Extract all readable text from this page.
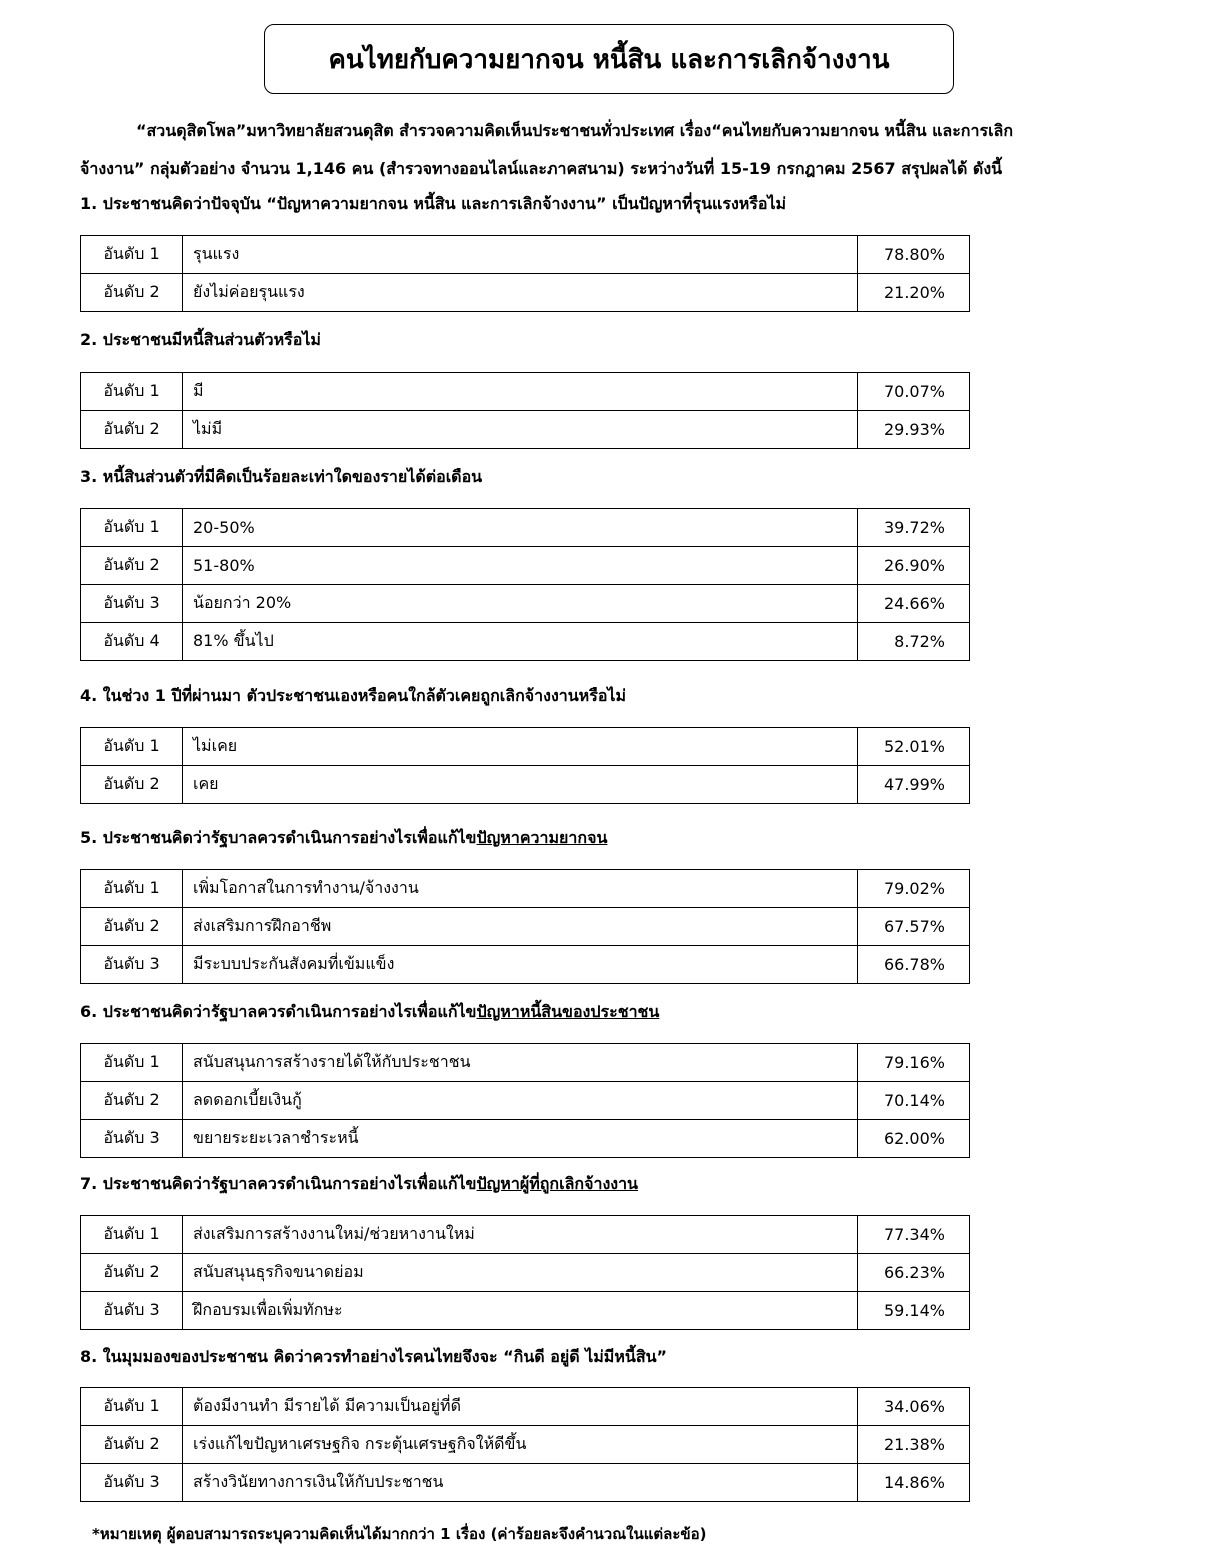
คนไทยกับความยากจน หนี้สิน และการเลิกจ้างงาน
“สวนดุสิตโพล”มหาวิทยาลัยสวนดุสิต สำรวจความคิดเห็นประชาชนทั่วประเทศ เรื่อง“คนไทยกับความยากจน หนี้สิน และการเลิก
จ้างงาน” กลุ่มตัวอย่าง จำนวน 1,146 คน (สำรวจทางออนไลน์และภาคสนาม) ระหว่างวันที่ 15-19 กรกฎาคม 2567 สรุปผลได้ ดังนี้
1. ประชาชนคิดว่าปัจจุบัน “ปัญหาความยากจน หนี้สิน และการเลิกจ้างงาน” เป็นปัญหาที่รุนแรงหรือไม่
อันดับ 1	รุนแรง	78.80%
อันดับ 2	ยังไม่ค่อยรุนแรง	21.20%
2. ประชาชนมีหนี้สินส่วนตัวหรือไม่
อันดับ 1	มี	70.07%
อันดับ 2	ไม่มี	29.93%
3. หนี้สินส่วนตัวที่มีคิดเป็นร้อยละเท่าใดของรายได้ต่อเดือน
อันดับ 1	20-50%	39.72%
อันดับ 2	51-80%	26.90%
อันดับ 3	น้อยกว่า 20%	24.66%
อันดับ 4	81% ขึ้นไป	8.72%
4. ในช่วง 1 ปีที่ผ่านมา ตัวประชาชนเองหรือคนใกล้ตัวเคยถูกเลิกจ้างงานหรือไม่
อันดับ 1	ไม่เคย	52.01%
อันดับ 2	เคย	47.99%
5. ประชาชนคิดว่ารัฐบาลควรดำเนินการอย่างไรเพื่อแก้ไขปัญหาความยากจน
อันดับ 1	เพิ่มโอกาสในการทำงาน/จ้างงาน	79.02%
อันดับ 2	ส่งเสริมการฝึกอาชีพ	67.57%
อันดับ 3	มีระบบประกันสังคมที่เข้มแข็ง	66.78%
6. ประชาชนคิดว่ารัฐบาลควรดำเนินการอย่างไรเพื่อแก้ไขปัญหาหนี้สินของประชาชน
อันดับ 1	สนับสนุนการสร้างรายได้ให้กับประชาชน	79.16%
อันดับ 2	ลดดอกเบี้ยเงินกู้	70.14%
อันดับ 3	ขยายระยะเวลาชำระหนี้	62.00%
7. ประชาชนคิดว่ารัฐบาลควรดำเนินการอย่างไรเพื่อแก้ไขปัญหาผู้ที่ถูกเลิกจ้างงาน
อันดับ 1	ส่งเสริมการสร้างงานใหม่/ช่วยหางานใหม่	77.34%
อันดับ 2	สนับสนุนธุรกิจขนาดย่อม	66.23%
อันดับ 3	ฝึกอบรมเพื่อเพิ่มทักษะ	59.14%
8. ในมุมมองของประชาชน คิดว่าควรทำอย่างไรคนไทยจึงจะ “กินดี อยู่ดี ไม่มีหนี้สิน”
อันดับ 1	ต้องมีงานทำ มีรายได้ มีความเป็นอยู่ที่ดี	34.06%
อันดับ 2	เร่งแก้ไขปัญหาเศรษฐกิจ กระตุ้นเศรษฐกิจให้ดีขึ้น	21.38%
อันดับ 3	สร้างวินัยทางการเงินให้กับประชาชน	14.86%
*หมายเหตุ ผู้ตอบสามารถระบุความคิดเห็นได้มากกว่า 1 เรื่อง (ค่าร้อยละจึงคำนวณในแต่ละข้อ)
